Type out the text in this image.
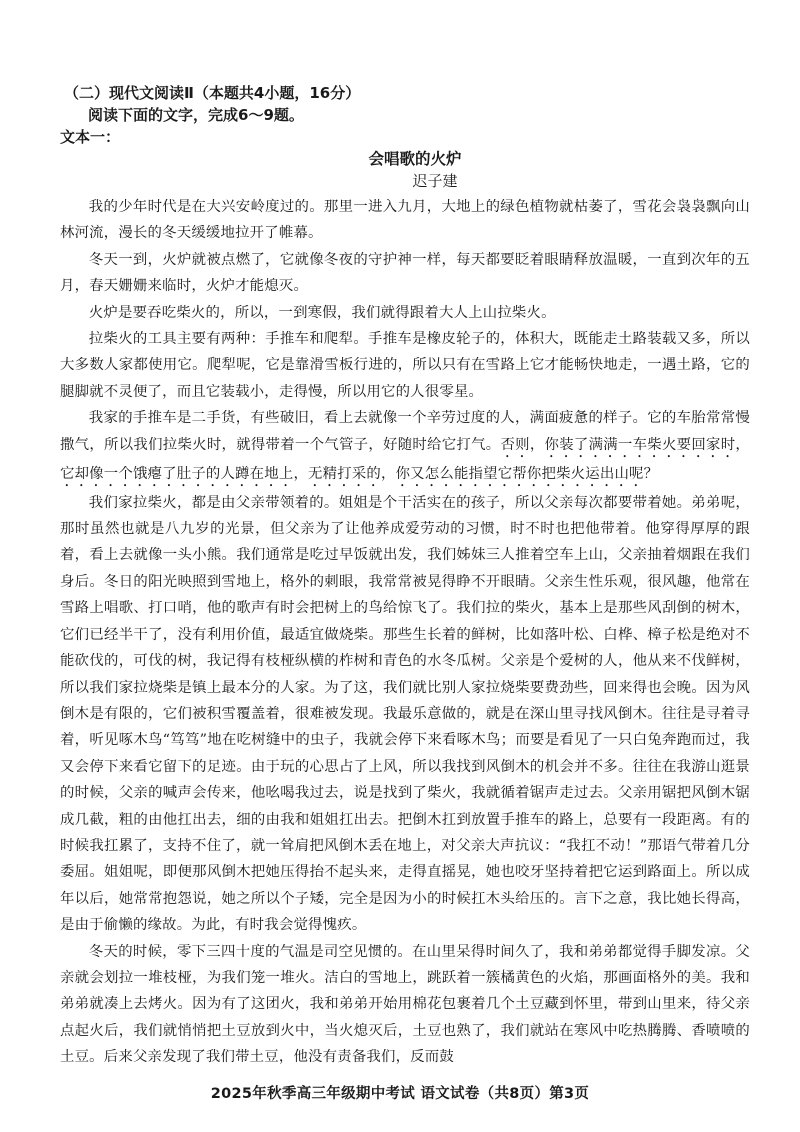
（二）现代文阅读Ⅱ（本题共4小题，16分）

阅读下面的文字，完成6～9题。

文本一：

会唱歌的火炉

迟子建

我的少年时代是在大兴安岭度过的。那里一进入九月，大地上的绿色植物就枯萎了，雪花会袅袅飘向山林河流，漫长的冬天缓缓地拉开了帷幕。

冬天一到，火炉就被点燃了，它就像冬夜的守护神一样，每天都要眨着眼睛释放温暖，一直到次年的五月，春天姗姗来临时，火炉才能熄灭。

火炉是要吞吃柴火的，所以，一到寒假，我们就得跟着大人上山拉柴火。

拉柴火的工具主要有两种：手推车和爬犁。手推车是橡皮轮子的，体积大，既能走土路装载又多，所以大多数人家都使用它。爬犁呢，它是靠滑雪板行进的，所以只有在雪路上它才能畅快地走，一遇土路，它的腿脚就不灵便了，而且它装载小，走得慢，所以用它的人很零星。

我家的手推车是二手货，有些破旧，看上去就像一个辛劳过度的人，满面疲惫的样子。它的车胎常常慢撒气，所以我们拉柴火时，就得带着一个气管子，好随时给它打气。否则，你装了满满一车柴火要回家时，它却像一个饿瘪了肚子的人蹲在地上，无精打采的，你又怎么能指望它帮你把柴火运出山呢？

我们家拉柴火，都是由父亲带领着的。姐姐是个干活实在的孩子，所以父亲每次都要带着她。弟弟呢，那时虽然也就是八九岁的光景，但父亲为了让他养成爱劳动的习惯，时不时也把他带着。他穿得厚厚的跟着，看上去就像一头小熊。我们通常是吃过早饭就出发，我们姊妹三人推着空车上山，父亲抽着烟跟在我们身后。冬日的阳光映照到雪地上，格外的刺眼，我常常被晃得睁不开眼睛。父亲生性乐观，很风趣，他常在雪路上唱歌、打口哨，他的歌声有时会把树上的鸟给惊飞了。我们拉的柴火，基本上是那些风刮倒的树木，它们已经半干了，没有利用价值，最适宜做烧柴。那些生长着的鲜树，比如落叶松、白桦、樟子松是绝对不能砍伐的，可伐的树，我记得有枝桠纵横的柞树和青色的水冬瓜树。父亲是个爱树的人，他从来不伐鲜树，所以我们家拉烧柴是镇上最本分的人家。为了这，我们就比别人家拉烧柴要费劲些，回来得也会晚。因为风倒木是有限的，它们被积雪覆盖着，很难被发现。我最乐意做的，就是在深山里寻找风倒木。往往是寻着寻着，听见啄木鸟“笃笃”地在吃树缝中的虫子，我就会停下来看啄木鸟；而要是看见了一只白兔奔跑而过，我又会停下来看它留下的足迹。由于玩的心思占了上风，所以我找到风倒木的机会并不多。往往在我游山逛景的时候，父亲的喊声会传来，他吆喝我过去，说是找到了柴火，我就循着锯声走过去。父亲用锯把风倒木锯成几截，粗的由他扛出去，细的由我和姐姐扛出去。把倒木扛到放置手推车的路上，总要有一段距离。有的时候我扛累了，支持不住了，就一耸肩把风倒木丢在地上，对父亲大声抗议：“我扛不动！”那语气带着几分委屈。姐姐呢，即便那风倒木把她压得抬不起头来，走得直摇晃，她也咬牙坚持着把它运到路面上。所以成年以后，她常常抱怨说，她之所以个子矮，完全是因为小的时候扛木头给压的。言下之意，我比她长得高，是由于偷懒的缘故。为此，有时我会觉得愧疚。

冬天的时候，零下三四十度的气温是司空见惯的。在山里呆得时间久了，我和弟弟都觉得手脚发凉。父亲就会划拉一堆枝桠，为我们笼一堆火。洁白的雪地上，跳跃着一簇橘黄色的火焰，那画面格外的美。我和弟弟就凑上去烤火。因为有了这团火，我和弟弟开始用棉花包裹着几个土豆藏到怀里，带到山里来，待父亲点起火后，我们就悄悄把土豆放到火中，当火熄灭后，土豆也熟了，我们就站在寒风中吃热腾腾、香喷喷的土豆。后来父亲发现了我们带土豆，他没有责备我们，反而鼓

2025年秋季高三年级期中考试 语文试卷（共8页）第3页
